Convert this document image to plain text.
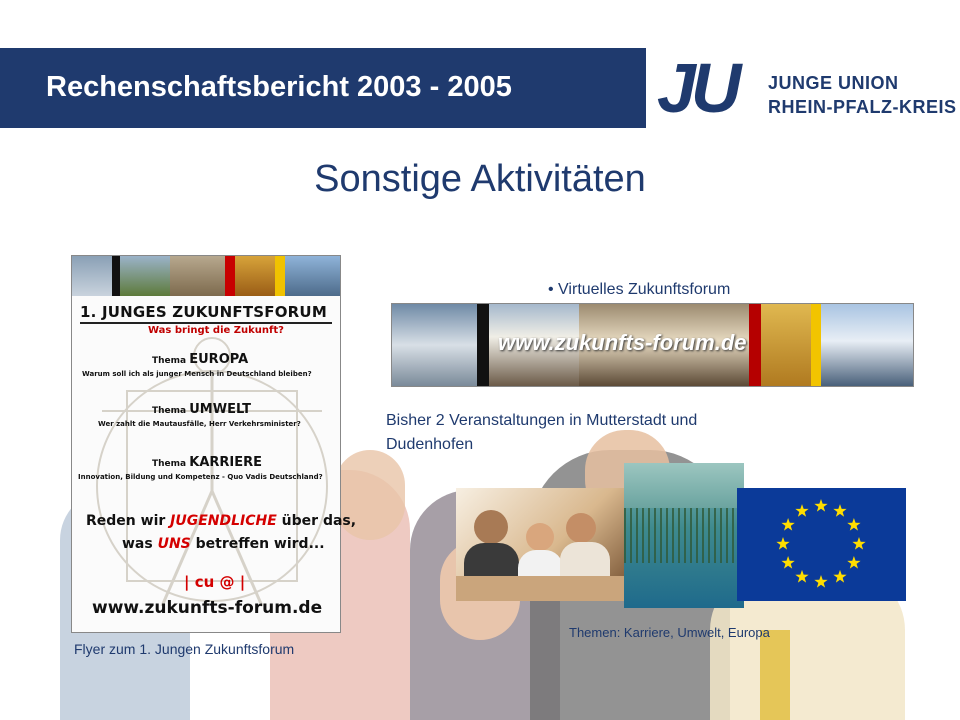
Rechenschaftsbericht 2003 - 2005 JU JUNGE UNION
RHEIN-PFALZ-KREIS
Sonstige Aktivitäten
1. JUNGES ZUKUNFTSFORUM
Was bringt die Zukunft?
Thema EUROPA
Warum soll ich als junger Mensch in Deutschland bleiben?
Thema UMWELT
Wer zahlt die Mautausfälle, Herr Verkehrsminister?
Thema KARRIERE
Innovation, Bildung und Kompetenz - Quo Vadis Deutschland?
Reden wir JUGENDLICHE über das,
was UNS betreffen wird...
| cu @ |
www.zukunfts-forum.de
Flyer zum 1. Jungen Zukunftsforum
• Virtuelles Zukunftsforum
www.zukunfts-forum.de
Bisher 2 Veranstaltungen in Mutterstadt und Dudenhofen
Themen: Karriere, Umwelt, Europa
